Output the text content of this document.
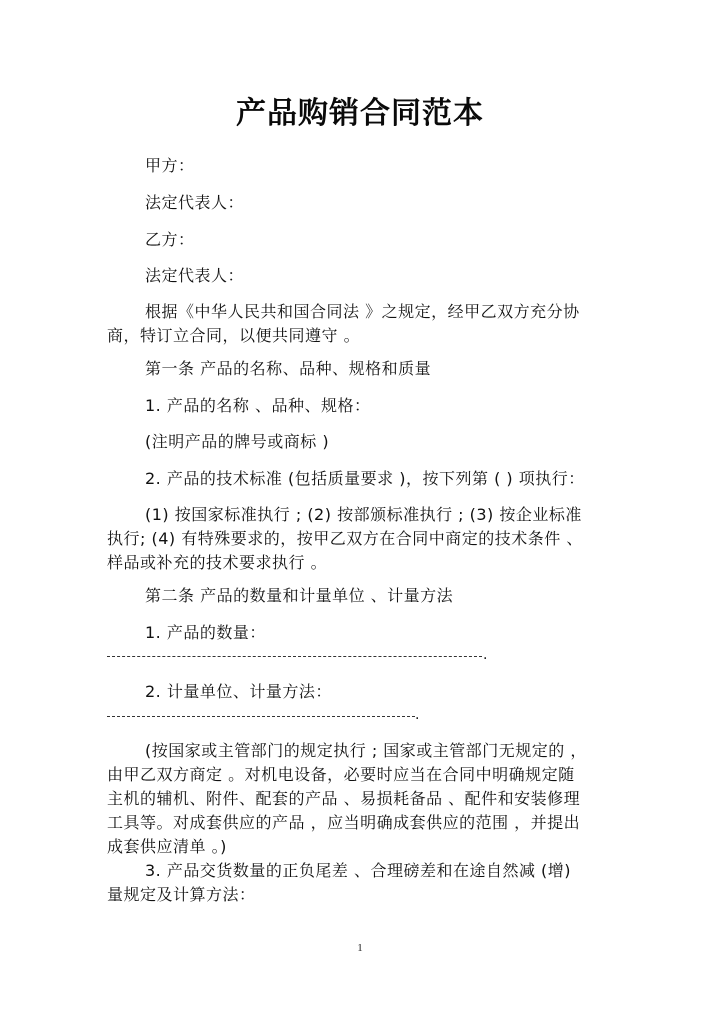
产品购销合同范本
甲方：
法定代表人：
乙方：
法定代表人：

根据《中华人民共和国合同法 》之规定，经甲乙双方充分协商，特订立合同，以便共同遵守 。

第一条 产品的名称、品种、规格和质量
1. 产品的名称 、品种、规格：
(注明产品的牌号或商标 )
2. 产品的技术标准 (包括质量要求 )，按下列第 ( ) 项执行：

(1) 按国家标准执行 ; (2) 按部颁标准执行 ; (3) 按企业标准执行; (4) 有特殊要求的，按甲乙双方在合同中商定的技术条件 、样品或补充的技术要求执行 。

第二条 产品的数量和计量单位 、计量方法
1. 产品的数量：
.
2. 计量单位、计量方法：
.

(按国家或主管部门的规定执行 ; 国家或主管部门无规定的 ，由甲乙双方商定 。对机电设备，必要时应当在合同中明确规定随主机的辅机、附件、配套的产品 、易损耗备品 、配件和安装修理工具等。对成套供应的产品 ，应当明确成套供应的范围 ，并提出成套供应清单 。)

3. 产品交货数量的正负尾差 、合理磅差和在途自然减 (增) 量规定及计算方法：

1
